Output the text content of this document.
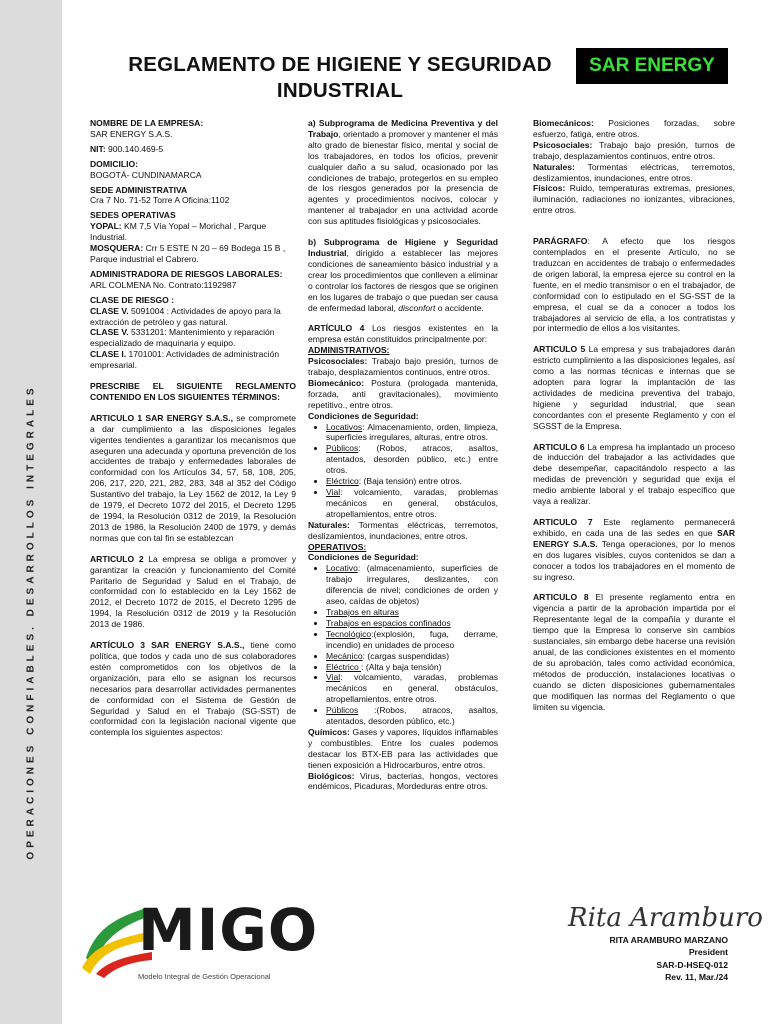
OPERACIONES CONFIABLES. DESARROLLOS INTEGRALES
REGLAMENTO DE HIGIENE Y SEGURIDAD
INDUSTRIAL
SAR ENERGY

NOMBRE DE LA EMPRESA:

SAR ENERGY S.A.S.

NIT: 900.140.469-5

DOMICILIO:

BOGOTÁ- CUNDINAMARCA

SEDE ADMINISTRATIVA

Cra 7 No. 71-52 Torre A Oficina:1102

SEDES OPERATIVAS

YOPAL: KM 7,5 Vía Yopal – Morichal , Parque Industrial.

MOSQUERA: Crr 5 ESTE N 20 – 69 Bodega 15 B , Parque industrial el Cabrero.

ADMINISTRADORA DE RIESGOS LABORALES:

ARL COLMENA No. Contrato:1192987

CLASE DE RIESGO :

CLASE V. 5091004 : Actividades de apoyo para la extracción de petróleo y gas natural.

CLASE V. 5331201: Mantenimiento y reparación especializado de maquinaria y equipo.

CLASE I. 1701001: Actividades de administración empresarial.

PRESCRIBE EL SIGUIENTE REGLAMENTO CONTENIDO EN LOS SIGUIENTES TÉRMINOS:

ARTICULO 1 SAR ENERGY S.A.S., se compromete a dar cumplimiento a las disposiciones legales vigentes tendientes a garantizar los mecanismos que aseguren una adecuada y oportuna prevención de los accidentes de trabajo y enfermedades laborales de conformidad con los Artículos 34, 57, 58, 108, 205, 206, 217, 220, 221, 282, 283, 348 al 352 del Código Sustantivo del trabajo, la Ley 1562 de 2012, la Ley 9 de 1979, el Decreto 1072 del 2015, el Decreto 1295 de 1994, la Resolución 0312 de 2019, la Resolución 2013 de 1986, la Resolución 2400 de 1979, y demás normas que con tal fin se establezcan

ARTICULO 2 La empresa se obliga a promover y garantizar la creación y funcionamiento del Comité Paritario de Seguridad y Salud en el Trabajo, de conformidad con lo establecido en la Ley 1562 de 2012, el Decreto 1072 de 2015, el Decreto 1295 de 1994, la Resolución 0312 de 2019 y la Resolución 2013 de 1986.

ARTÍCULO 3 SAR ENERGY S.A.S., tiene como política, que todos y cada uno de sus colaboradores estén comprometidos con los objetivos de la organización, para ello se asignan los recursos necesarios para desarrollar actividades permanentes de conformidad con el Sistema de Gestión de Seguridad y Salud en el Trabajo (SG-SST) de conformidad con la legislación nacional vigente que contempla los siguientes aspectos:

a) Subprograma de Medicina Preventiva y del Trabajo, orientado a promover y mantener el más alto grado de bienestar físico, mental y social de los trabajadores, en todos los oficios, prevenir cualquier daño a su salud, ocasionado por las condiciones de trabajo, protegerlos en su empleo de los riesgos generados por la presencia de agentes y procedimientos nocivos, colocar y mantener al trabajador en una actividad acorde con sus aptitudes fisiológicas y psicosociales.

b) Subprograma de Higiene y Seguridad Industrial, dirigido a establecer las mejores condiciones de saneamiento básico industrial y a crear los procedimientos que conlleven a eliminar o controlar los factores de riesgos que se originen en los lugares de trabajo o que puedan ser causa de enfermedad laboral, disconfort o accidente.

ARTÍCULO 4 Los riesgos existentes en la empresa están constituidos principalmente por:

ADMINISTRATIVOS:

Psicosociales: Trabajo bajo presión, turnos de trabajo, desplazamientos continuos, entre otros.

Biomecánico: Postura (prologada mantenida, forzada, anti gravitacionales), movimiento repetitivo., entre otros.

Condiciones de Seguridad:

• Locativos: Almacenamiento, orden, limpieza, superficies irregulares, alturas, entre otros.
• Públicos: (Robos, atracos, asaltos, atentados, desorden público, etc.) entre otros.
• Eléctrico: (Baja tensión) entre otros.
• Vial: volcamiento, varadas, problemas mecánicos en general, obstáculos, atropellamientos, entre otros.

Naturales: Tormentas eléctricas, terremotos, deslizamientos, inundaciones, entre otros.

OPERATIVOS:

Condiciones de Seguridad:

• Locativo: (almacenamiento, superficies de trabajo irregulares, deslizantes, con diferencia de nivel; condiciones de orden y aseo, caídas de objetos)
• Trabajos en alturas
• Trabajos en espacios confinados
• Tecnológico:(explosión, fuga, derrame, incendio) en unidades de proceso
• Mecánico: (cargas suspendidas)
• Eléctrico : (Alta y baja tensión)
• Vial: volcamiento, varadas, problemas mecánicos en general, obstáculos, atropellamientos, entre otros.
• Públicos :(Robos, atracos, asaltos, atentados, desorden público, etc.)

Químicos: Gases y vapores, líquidos inflamables y combustibles. Entre los cuales podemos destacar los BTX-EB para las actividades que tienen exposición a Hidrocarburos, entre otros.

Biológicos: Virus, bacterias, hongos, vectores endémicos, Picaduras, Mordeduras entre otros.

Biomecánicos: Posiciones forzadas, sobre esfuerzo, fatiga, entre otros.

Psicosociales: Trabajo bajo presión, turnos de trabajo, desplazamientos continuos, entre otros.

Naturales: Tormentas eléctricas, terremotos, deslizamientos, inundaciones, entre otros.

Físicos: Ruido, temperaturas extremas, presiones, iluminación, radiaciones no ionizantes, vibraciones, entre otros.

PARÁGRAFO: A efecto que los riesgos contemplados en el presente Artículo, no se traduzcan en accidentes de trabajo o enfermedades de origen laboral, la empresa ejerce su control en la fuente, en el medio transmisor o en el trabajador, de conformidad con lo estipulado en el SG-SST de la empresa, el cual se da a conocer a todos los trabajadores al servicio de ella, a los contratistas y por intermedio de ellos a los visitantes.

ARTICULO 5 La empresa y sus trabajadores darán estricto cumplimiento a las disposiciones legales, así como a las normas técnicas e internas que se adopten para lograr la implantación de las actividades de medicina preventiva del trabajo, higiene y seguridad industrial, que sean concordantes con el presente Reglamento y con el SGSST de la Empresa.

ARTICULO 6 La empresa ha implantado un proceso de inducción del trabajador a las actividades que debe desempeñar, capacitándolo respecto a las medidas de prevención y seguridad que exija el medio ambiente laboral y el trabajo específico que vaya a realizar.

ARTICULO 7 Este reglamento permanecerá exhibido, en cada una de las sedes en que SAR ENERGY S.A.S. Tenga operaciones, por lo menos en dos lugares visibles, cuyos contenidos se dan a conocer a todos los trabajadores en el momento de su ingreso.

ARTICULO 8 El presente reglamento entra en vigencia a partir de la aprobación impartida por el Representante legal de la compañía y durante el tiempo que la Empresa lo conserve sin cambios sustanciales, sin embargo debe hacerse una revisión anual, de las condiciones existentes en el momento de su aprobación, tales como actividad económica, métodos de producción, instalaciones locativas o cuando se dicten disposiciones gubernamentales que modifiquen las normas del Reglamento o que limiten su vigencia.

Rita Aramburo
RITA ARAMBURO MARZANO
President
SAR-D-HSEQ-012
Rev. 11, Mar./24
MIGO
Modelo Integral de Gestión Operacional
